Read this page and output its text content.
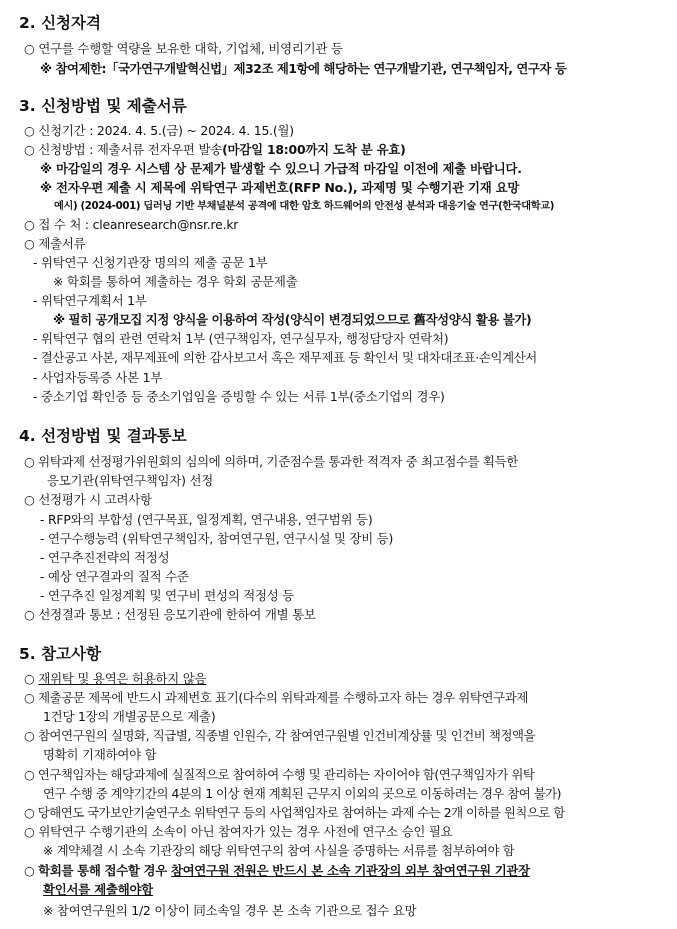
2. 신청자격
○ 연구를 수행할 역량을 보유한 대학, 기업체, 비영리기관 등
※ 참여제한:「국가연구개발혁신법」제32조 제1항에 해당하는 연구개발기관, 연구책임자, 연구자 등
3. 신청방법 및 제출서류
○ 신청기간 : 2024. 4. 5.(금) ~ 2024. 4. 15.(월)
○ 신청방법 : 제출서류 전자우편 발송(마감일 18:00까지 도착 분 유효)
※ 마감일의 경우 시스템 상 문제가 발생할 수 있으니 가급적 마감일 이전에 제출 바랍니다.
※ 전자우편 제출 시 제목에 위탁연구 과제번호(RFP No.), 과제명 및 수행기관 기재 요망
예시) (2024-001) 딥러닝 기반 부채널분석 공격에 대한 암호 하드웨어의 안전성 분석과 대응기술 연구(한국대학교)
○ 접 수 처 : cleanresearch@nsr.re.kr
○ 제출서류
- 위탁연구 신청기관장 명의의 제출 공문 1부
※ 학회를 통하여 제출하는 경우 학회 공문제출
- 위탁연구계획서 1부
※ 필히 공개모집 지정 양식을 이용하여 작성(양식이 변경되었으므로 舊작성양식 활용 불가)
- 위탁연구 협의 관련 연락처 1부 (연구책임자, 연구실무자, 행정담당자 연락처)
- 결산공고 사본, 재무제표에 의한 감사보고서 혹은 재무제표 등 확인서 및 대차대조표·손익계산서
- 사업자등록증 사본 1부
- 중소기업 확인증 등 중소기업임을 증빙할 수 있는 서류 1부(중소기업의 경우)
4. 선정방법 및 결과통보
○ 위탁과제 선정평가위원회의 심의에 의하며, 기준점수를 통과한 적격자 중 최고점수를 획득한
응모기관(위탁연구책임자) 선정
○ 선정평가 시 고려사항
- RFP와의 부합성 (연구목표, 일정계획, 연구내용, 연구범위 등)
- 연구수행능력 (위탁연구책임자, 참여연구원, 연구시설 및 장비 등)
- 연구추진전략의 적정성
- 예상 연구결과의 질적 수준
- 연구추진 일정계획 및 연구비 편성의 적정성 등
○ 선정결과 통보 : 선정된 응모기관에 한하여 개별 통보
5. 참고사항
○ 재위탁 및 용역은 허용하지 않음
○ 제출공문 제목에 반드시 과제번호 표기(다수의 위탁과제를 수행하고자 하는 경우 위탁연구과제
1건당 1장의 개별공문으로 제출)
○ 참여연구원의 실명화, 직급별, 직종별 인원수, 각 참여연구원별 인건비계상률 및 인건비 책정액을
명확히 기재하여야 함
○ 연구책임자는 해당과제에 실질적으로 참여하여 수행 및 관리하는 자이어야 함(연구책임자가 위탁
연구 수행 중 계약기간의 4분의 1 이상 현재 계획된 근무지 이외의 곳으로 이동하려는 경우 참여 불가)
○ 당해연도 국가보안기술연구소 위탁연구 등의 사업책임자로 참여하는 과제 수는 2개 이하를 원칙으로 함
○ 위탁연구 수행기관의 소속이 아닌 참여자가 있는 경우 사전에 연구소 승인 필요
※ 계약체결 시 소속 기관장의 해당 위탁연구의 참여 사실을 증명하는 서류를 첨부하여야 함
○ 학회를 통해 접수할 경우 참여연구원 전원은 반드시 본 소속 기관장의 외부 참여연구원 기관장
확인서를 제출해야함
※ 참여연구원의 1/2 이상이 同소속일 경우 본 소속 기관으로 접수 요망
